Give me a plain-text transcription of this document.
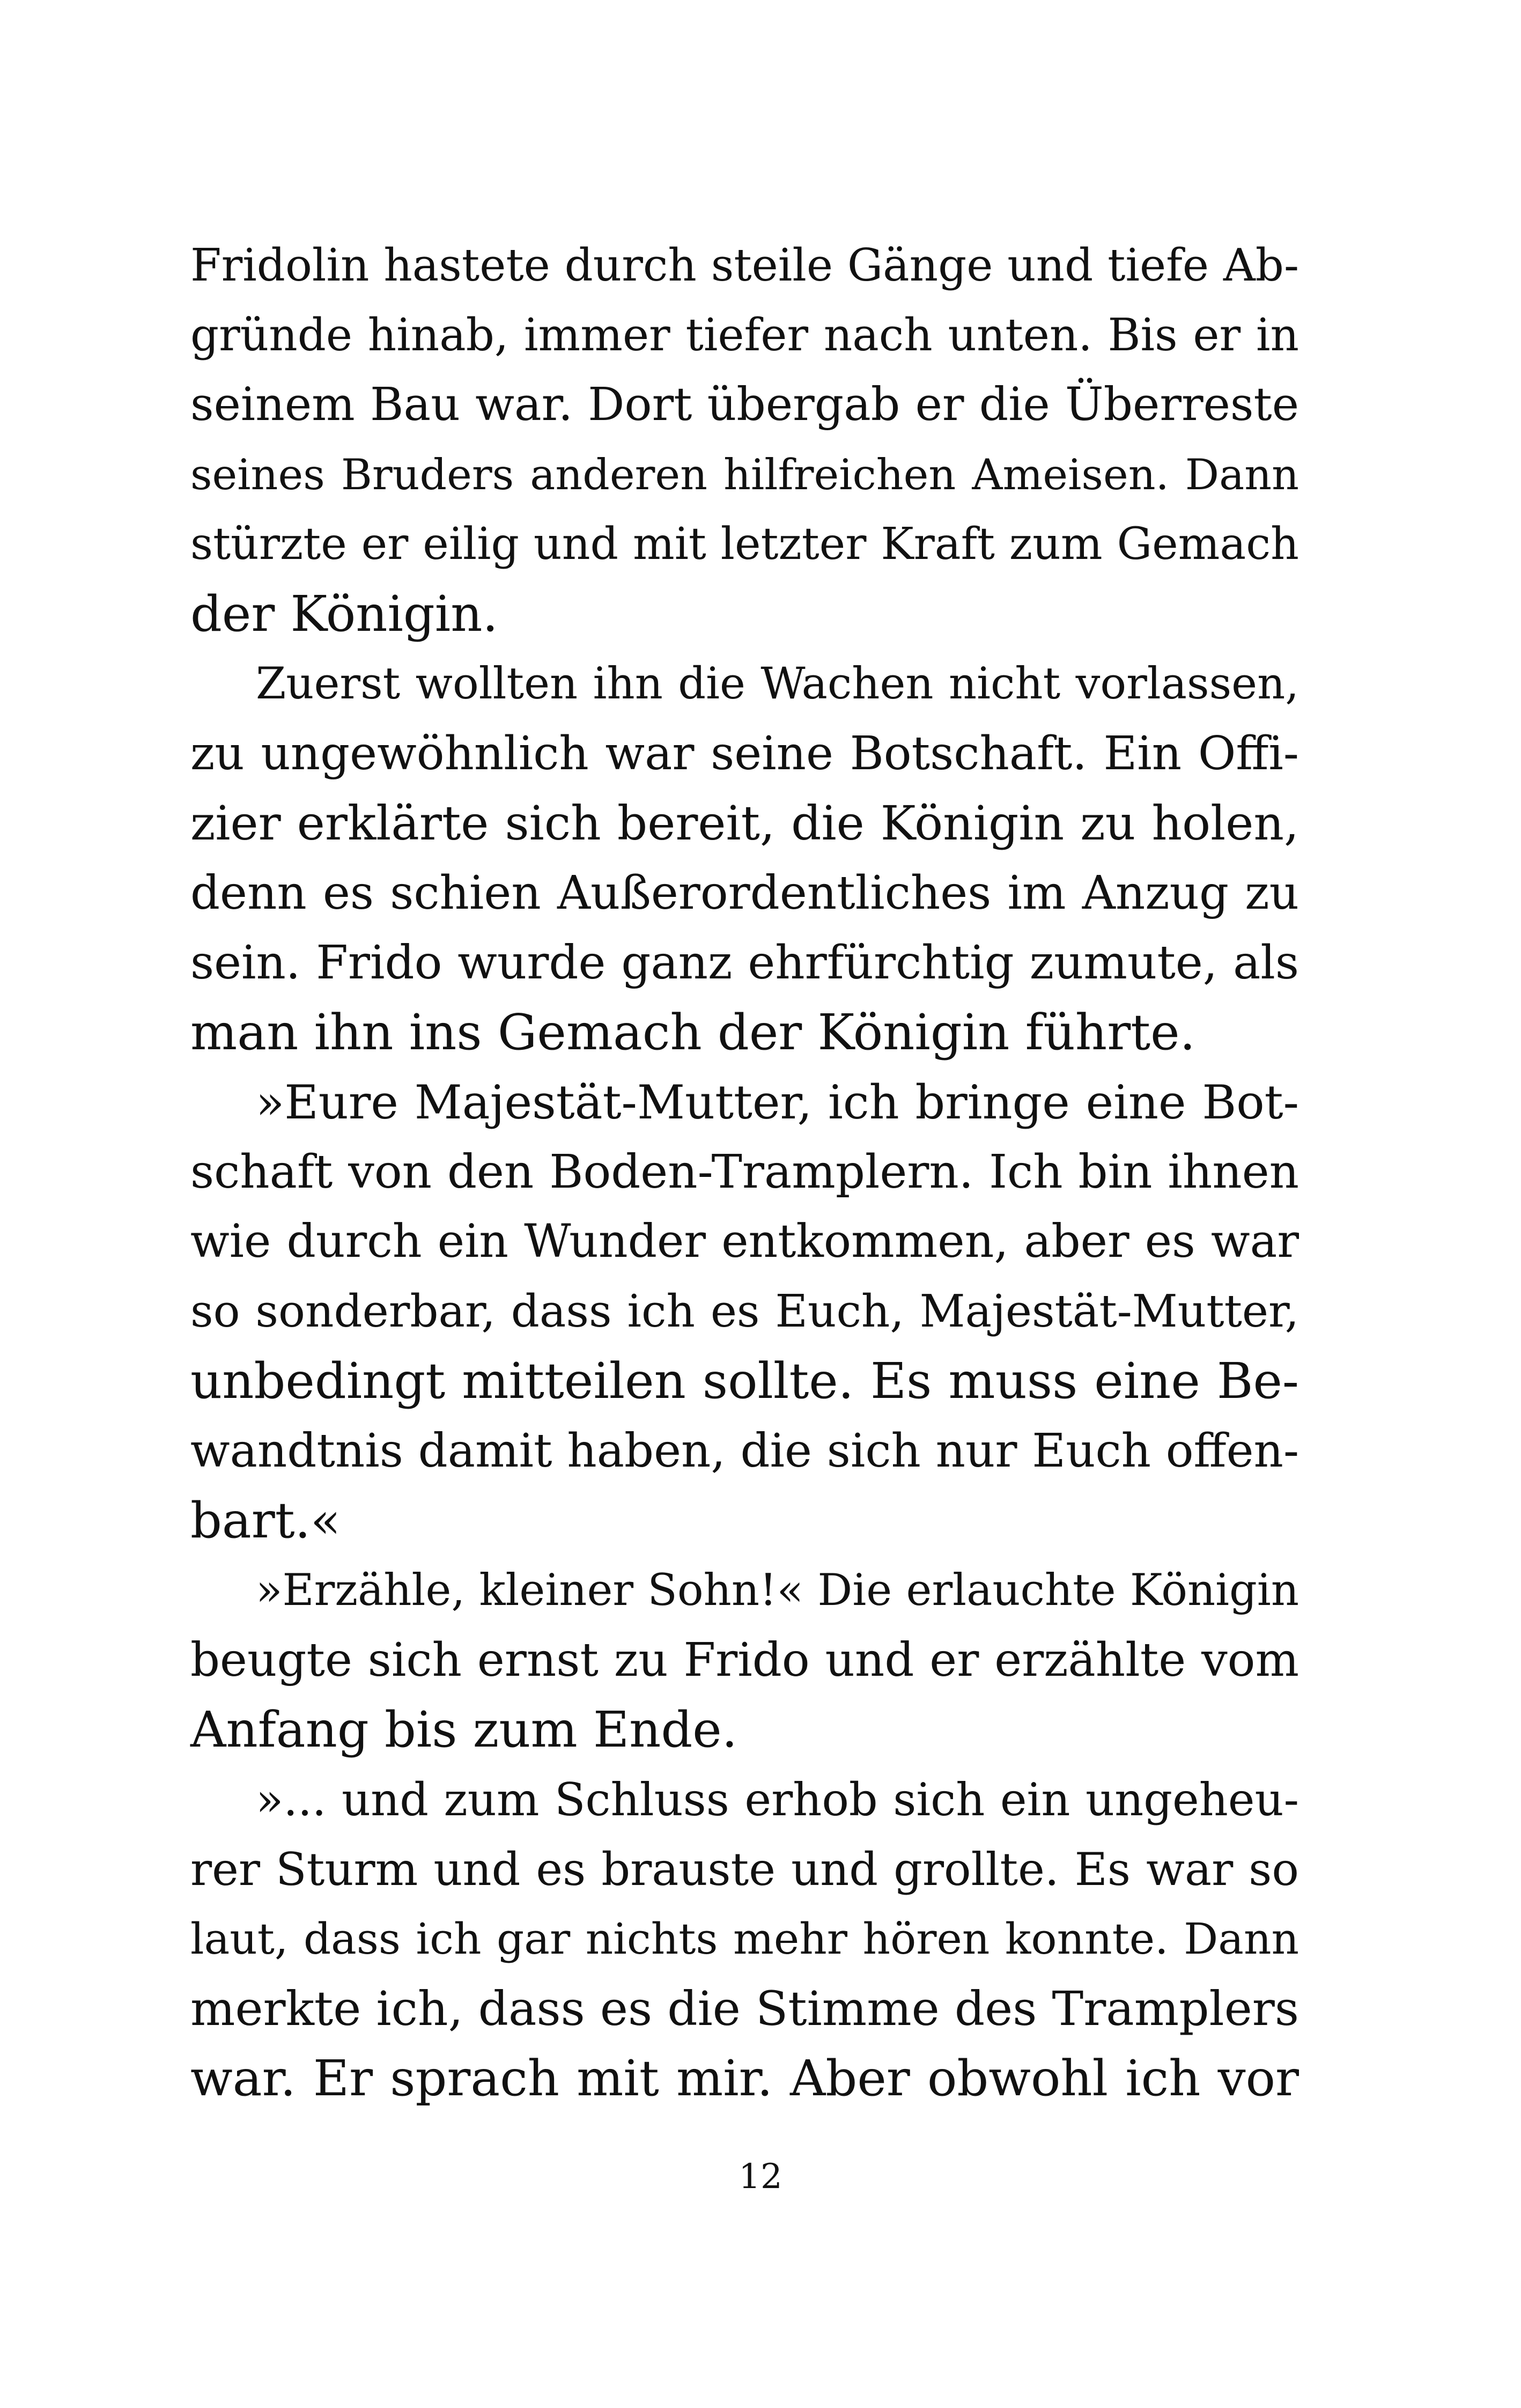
Fridolin hastete durch steile Gänge und tiefe Ab-
gründe hinab, immer tiefer nach unten. Bis er in
seinem Bau war. Dort übergab er die Überreste
seines Bruders anderen hilfreichen Ameisen. Dann
stürzte er eilig und mit letzter Kraft zum Gemach
der Königin.
Zuerst wollten ihn die Wachen nicht vorlassen,
zu ungewöhnlich war seine Botschaft. Ein Offi-
zier erklärte sich bereit, die Königin zu holen,
denn es schien Außerordentliches im Anzug zu
sein. Frido wurde ganz ehrfürchtig zumute, als
man ihn ins Gemach der Königin führte.
»Eure Majestät-Mutter, ich bringe eine Bot-
schaft von den Boden-Tramplern. Ich bin ihnen
wie durch ein Wunder entkommen, aber es war
so sonderbar, dass ich es Euch, Majestät-Mutter,
unbedingt mitteilen sollte. Es muss eine Be-
wandtnis damit haben, die sich nur Euch offen-
bart.«
»Erzähle, kleiner Sohn!« Die erlauchte Königin
beugte sich ernst zu Frido und er erzählte vom
Anfang bis zum Ende.
»... und zum Schluss erhob sich ein ungeheu-
rer Sturm und es brauste und grollte. Es war so
laut, dass ich gar nichts mehr hören konnte. Dann
merkte ich, dass es die Stimme des Tramplers
war. Er sprach mit mir. Aber obwohl ich vor
12
